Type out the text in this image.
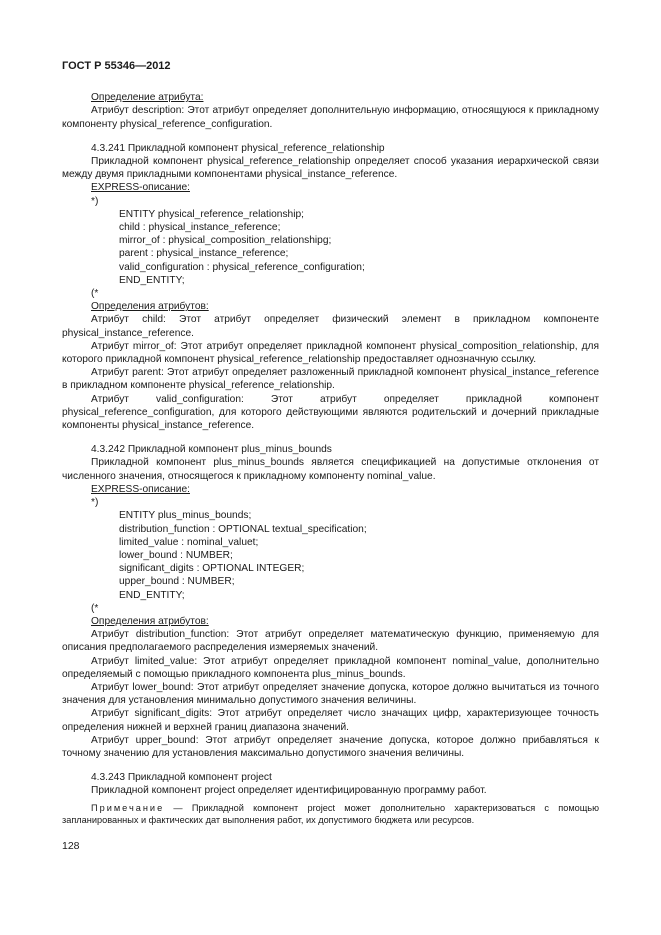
ГОСТ Р 55346—2012

Определение атрибута:

Атрибут description: Этот атрибут определяет дополнительную информацию, относящуюся к прикладному компоненту physical_reference_configuration.

4.3.241 Прикладной компонент physical_reference_relationship

Прикладной компонент physical_reference_relationship определяет способ указания иерархической связи между двумя прикладными компонентами physical_instance_reference.

EXPRESS-описание:

*)

ENTITY physical_reference_relationship;

child : physical_instance_reference;

mirror_of : physical_composition_relationshipg;

parent : physical_instance_reference;

valid_configuration : physical_reference_configuration;

END_ENTITY;

(*

Определения атрибутов:

Атрибут child: Этот атрибут определяет физический элемент в прикладном компоненте physical_instance_reference.

Атрибут mirror_of: Этот атрибут определяет прикладной компонент physical_composition_relationship, для которого прикладной компонент physical_reference_relationship предоставляет однозначную ссылку.

Атрибут parent: Этот атрибут определяет разложенный прикладной компонент physical_instance_reference в прикладном компоненте physical_reference_relationship.

Атрибут valid_configuration: Этот атрибут определяет прикладной компонент physical_reference_configuration, для которого действующими являются родительский и дочерний прикладные компоненты physical_instance_reference.

4.3.242 Прикладной компонент plus_minus_bounds

Прикладной компонент plus_minus_bounds является спецификацией на допустимые отклонения от численного значения, относящегося к прикладному компоненту nominal_value.

EXPRESS-описание:

*)

ENTITY plus_minus_bounds;

distribution_function : OPTIONAL textual_specification;

limited_value : nominal_valuet;

lower_bound : NUMBER;

significant_digits : OPTIONAL INTEGER;

upper_bound : NUMBER;

END_ENTITY;

(*

Определения атрибутов:

Атрибут distribution_function: Этот атрибут определяет математическую функцию, применяемую для описания предполагаемого распределения измеряемых значений.

Атрибут limited_value: Этот атрибут определяет прикладной компонент nominal_value, дополнительно определяемый с помощью прикладного компонента plus_minus_bounds.

Атрибут lower_bound: Этот атрибут определяет значение допуска, которое должно вычитаться из точного значения для установления минимально допустимого значения величины.

Атрибут significant_digits: Этот атрибут определяет число значащих цифр, характеризующее точность определения нижней и верхней границ диапазона значений.

Атрибут upper_bound: Этот атрибут определяет значение допуска, которое должно прибавляться к точному значению для установления максимально допустимого значения величины.

4.3.243 Прикладной компонент project

Прикладной компонент project определяет идентифицированную программу работ.

Примечание — Прикладной компонент project может дополнительно характеризоваться с помощью запланированных и фактических дат выполнения работ, их допустимого бюджета или ресурсов.

128
